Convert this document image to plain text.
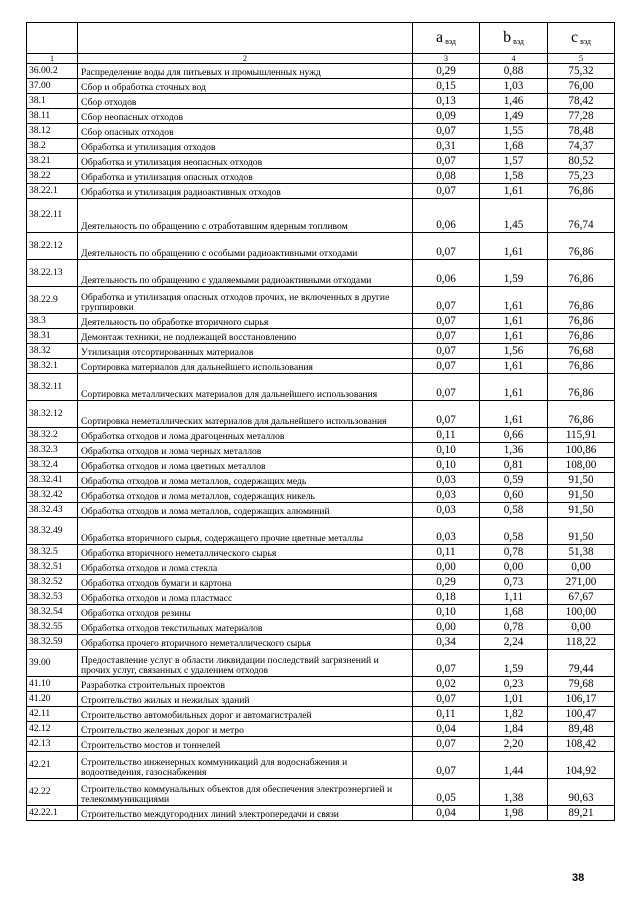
		a $_{вэд}$	b $_{вэд}$	c $_{вэд}$
1	2	3	4	5
36.00.2	Распределение воды для питьевых и промышленных нужд	0,29	0,88	75,32
37.00	Сбор и обработка сточных вод	0,15	1,03	76,00
38.1	Сбор отходов	0,13	1,46	78,42
38.11	Сбор неопасных отходов	0,09	1,49	77,28
38.12	Сбор опасных отходов	0,07	1,55	78,48
38.2	Обработка и утилизация отходов	0,31	1,68	74,37
38.21	Обработка и утилизация неопасных отходов	0,07	1,57	80,52
38.22	Обработка и утилизация опасных отходов	0,08	1,58	75,23
38.22.1	Обработка и утилизация радиоактивных отходов	0,07	1,61	76,86
38.22.11	Деятельность по обращению с отработавшим ядерным топливом	0,06	1,45	76,74
38.22.12	Деятельность по обращению с особыми радиоактивными отходами	0,07	1,61	76,86
38.22.13	Деятельность по обращению с удаляемыми радиоактивными отходами	0,06	1,59	76,86
38.22.9	Обработка и утилизация опасных отходов прочих, не включенных в другие группировки	0,07	1,61	76,86
38.3	Деятельность по обработке вторичного сырья	0,07	1,61	76,86
38.31	Демонтаж техники, не подлежащей восстановлению	0,07	1,61	76,86
38.32	Утилизация отсортированных материалов	0,07	1,56	76,68
38.32.1	Сортировка материалов для дальнейшего использования	0,07	1,61	76,86
38.32.11	Сортировка металлических материалов для дальнейшего использования	0,07	1,61	76,86
38.32.12	Сортировка неметаллических материалов для дальнейшего использования	0,07	1,61	76,86
38.32.2	Обработка отходов и лома драгоценных металлов	0,11	0,66	115,91
38.32.3	Обработка отходов и лома черных металлов	0,10	1,36	100,86
38.32.4	Обработка отходов и лома цветных металлов	0,10	0,81	108,00
38.32.41	Обработка отходов и лома металлов, содержащих медь	0,03	0,59	91,50
38.32.42	Обработка отходов и лома металлов, содержащих никель	0,03	0,60	91,50
38.32.43	Обработка отходов и лома металлов, содержащих алюминий	0,03	0,58	91,50
38.32.49	Обработка вторичного сырья, содержащего прочие цветные металлы	0,03	0,58	91,50
38.32.5	Обработка вторичного неметаллического сырья	0,11	0,78	51,38
38.32.51	Обработка отходов и лома стекла	0,00	0,00	0,00
38.32.52	Обработка отходов бумаги и картона	0,29	0,73	271,00
38.32.53	Обработка отходов и лома пластмасс	0,18	1,11	67,67
38.32.54	Обработка отходов резины	0,10	1,68	100,00
38.32.55	Обработка отходов текстильных материалов	0,00	0,78	0,00
38.32.59	Обработка прочего вторичного неметаллического сырья	0,34	2,24	118,22
39.00	Предоставление услуг в области ликвидации последствий загрязнений и прочих услуг, связанных с удалением отходов	0,07	1,59	79,44
41.10	Разработка строительных проектов	0,02	0,23	79,68
41.20	Строительство жилых и нежилых зданий	0,07	1,01	106,17
42.11	Строительство автомобильных дорог и автомагистралей	0,11	1,82	100,47
42.12	Строительство железных дорог и метро	0,04	1,84	89,48
42.13	Строительство мостов и тоннелей	0,07	2,20	108,42
42.21	Строительство инженерных коммуникаций для водоснабжения и водоотведения, газоснабжения	0,07	1,44	104,92
42.22	Строительство коммунальных объектов для обеспечения электроэнергией и телекоммуникациями	0,05	1,38	90,63
42.22.1	Строительство междугородних линий электропередачи и связи	0,04	1,98	89,21
38
